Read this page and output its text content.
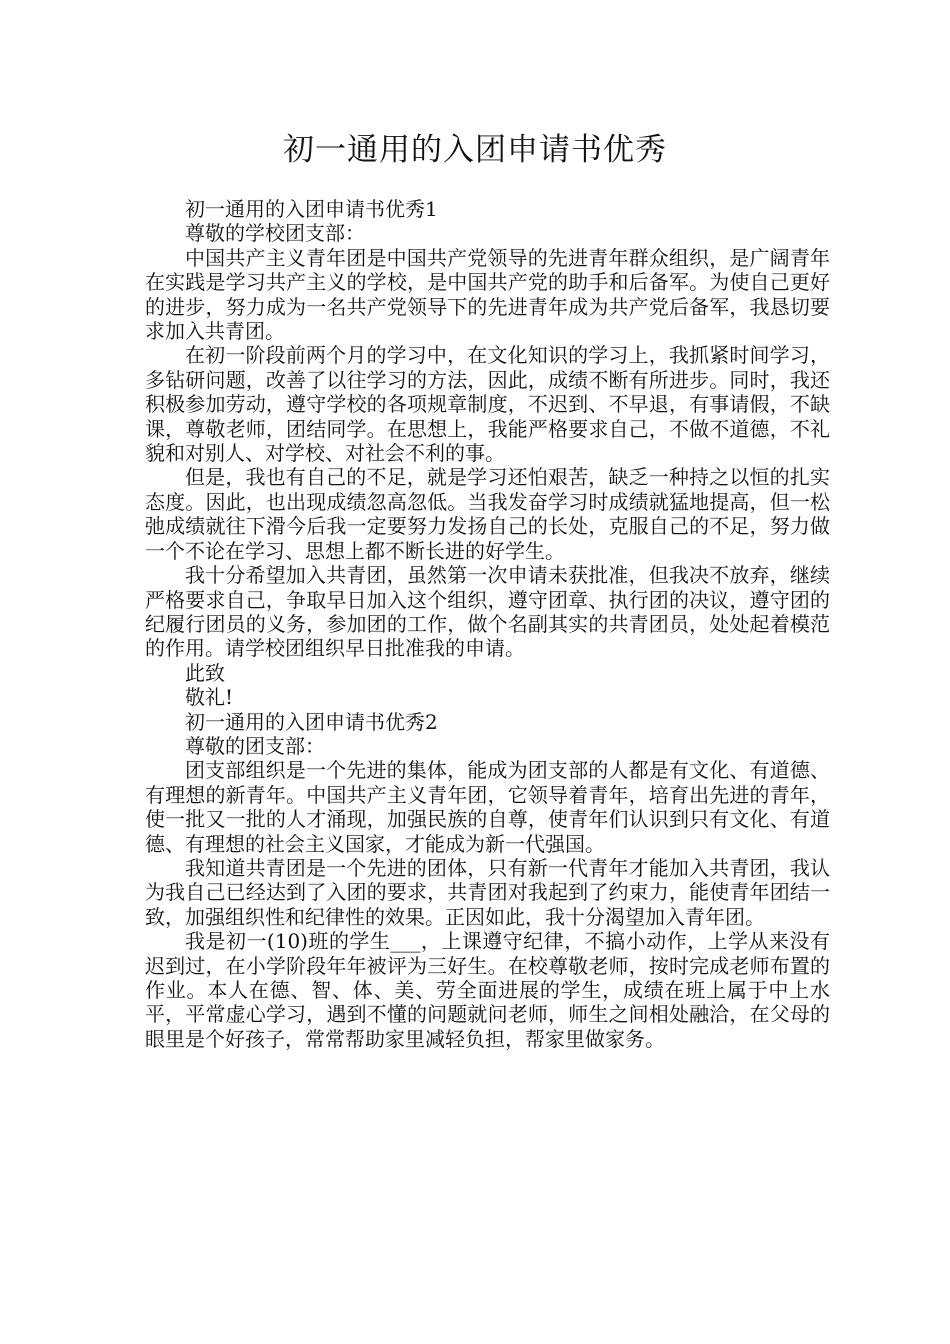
初一通用的入团申请书优秀

初一通用的入团申请书优秀1

尊敬的学校团支部：

中国共产主义青年团是中国共产党领导的先进青年群众组织，是广阔青年在实践是学习共产主义的学校，是中国共产党的助手和后备军。为使自己更好的进步，努力成为一名共产党领导下的先进青年成为共产党后备军，我恳切要求加入共青团。

在初一阶段前两个月的学习中，在文化知识的学习上，我抓紧时间学习，多钻研问题，改善了以往学习的方法，因此，成绩不断有所进步。同时，我还积极参加劳动，遵守学校的各项规章制度，不迟到、不早退，有事请假，不缺课，尊敬老师，团结同学。在思想上，我能严格要求自己，不做不道德，不礼貌和对别人、对学校、对社会不利的事。

但是，我也有自己的不足，就是学习还怕艰苦，缺乏一种持之以恒的扎实态度。因此，也出现成绩忽高忽低。当我发奋学习时成绩就猛地提高，但一松弛成绩就往下滑今后我一定要努力发扬自己的长处，克服自己的不足，努力做一个不论在学习、思想上都不断长进的好学生。

我十分希望加入共青团，虽然第一次申请未获批准，但我决不放弃，继续严格要求自己，争取早日加入这个组织，遵守团章、执行团的决议，遵守团的纪履行团员的义务，参加团的工作，做个名副其实的共青团员，处处起着模范的作用。请学校团组织早日批准我的申请。

此致

敬礼!

初一通用的入团申请书优秀2

尊敬的团支部：

团支部组织是一个先进的集体，能成为团支部的人都是有文化、有道德、有理想的新青年。中国共产主义青年团，它领导着青年，培育出先进的青年，使一批又一批的人才涌现，加强民族的自尊，使青年们认识到只有文化、有道德、有理想的社会主义国家，才能成为新一代强国。

我知道共青团是一个先进的团体，只有新一代青年才能加入共青团，我认为我自己已经达到了入团的要求，共青团对我起到了约束力，能使青年团结一致，加强组织性和纪律性的效果。正因如此，我十分渴望加入青年团。

我是初一(10)班的学生___，上课遵守纪律，不搞小动作，上学从来没有迟到过，在小学阶段年年被评为三好生。在校尊敬老师，按时完成老师布置的作业。本人在德、智、体、美、劳全面进展的学生，成绩在班上属于中上水平，平常虚心学习，遇到不懂的问题就问老师，师生之间相处融洽，在父母的眼里是个好孩子，常常帮助家里减轻负担，帮家里做家务。
